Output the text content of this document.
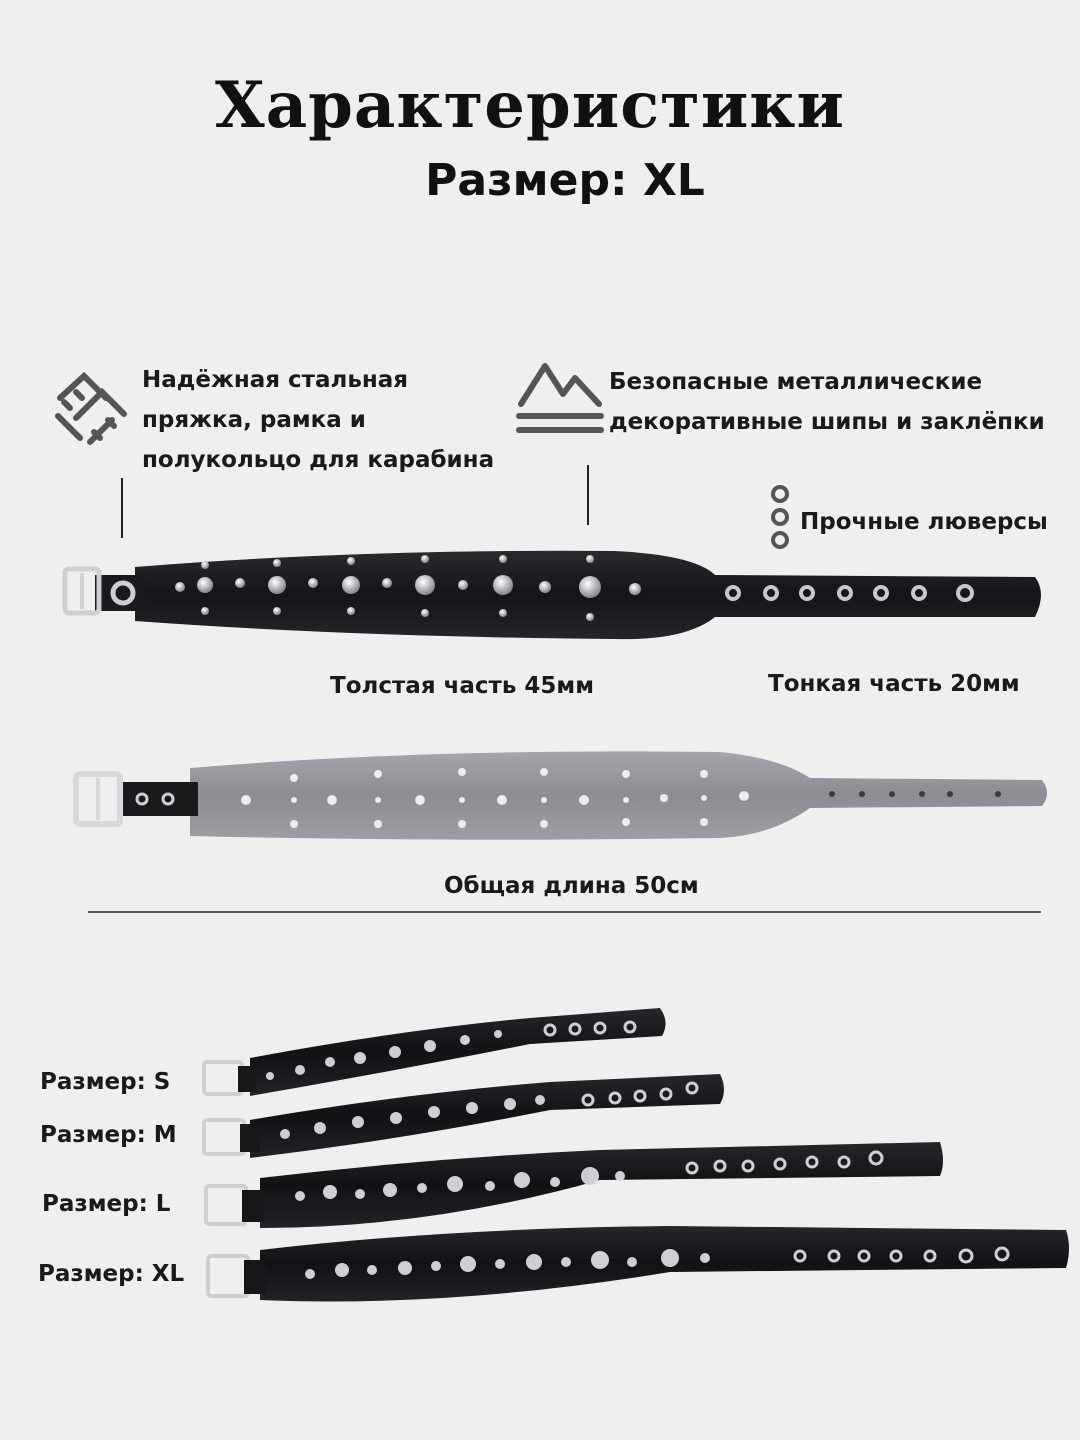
Характеристики
Размер: XL
Надёжная стальная
пряжка, рамка и
полукольцо для карабина
Безопасные металлические
декоративные шипы и заклёпки
Прочные люверсы
Толстая часть 45мм	Тонкая часть 20мм
Общая длина 50см
Размер: S
Размер: M
Размер: L
Размер: XL
